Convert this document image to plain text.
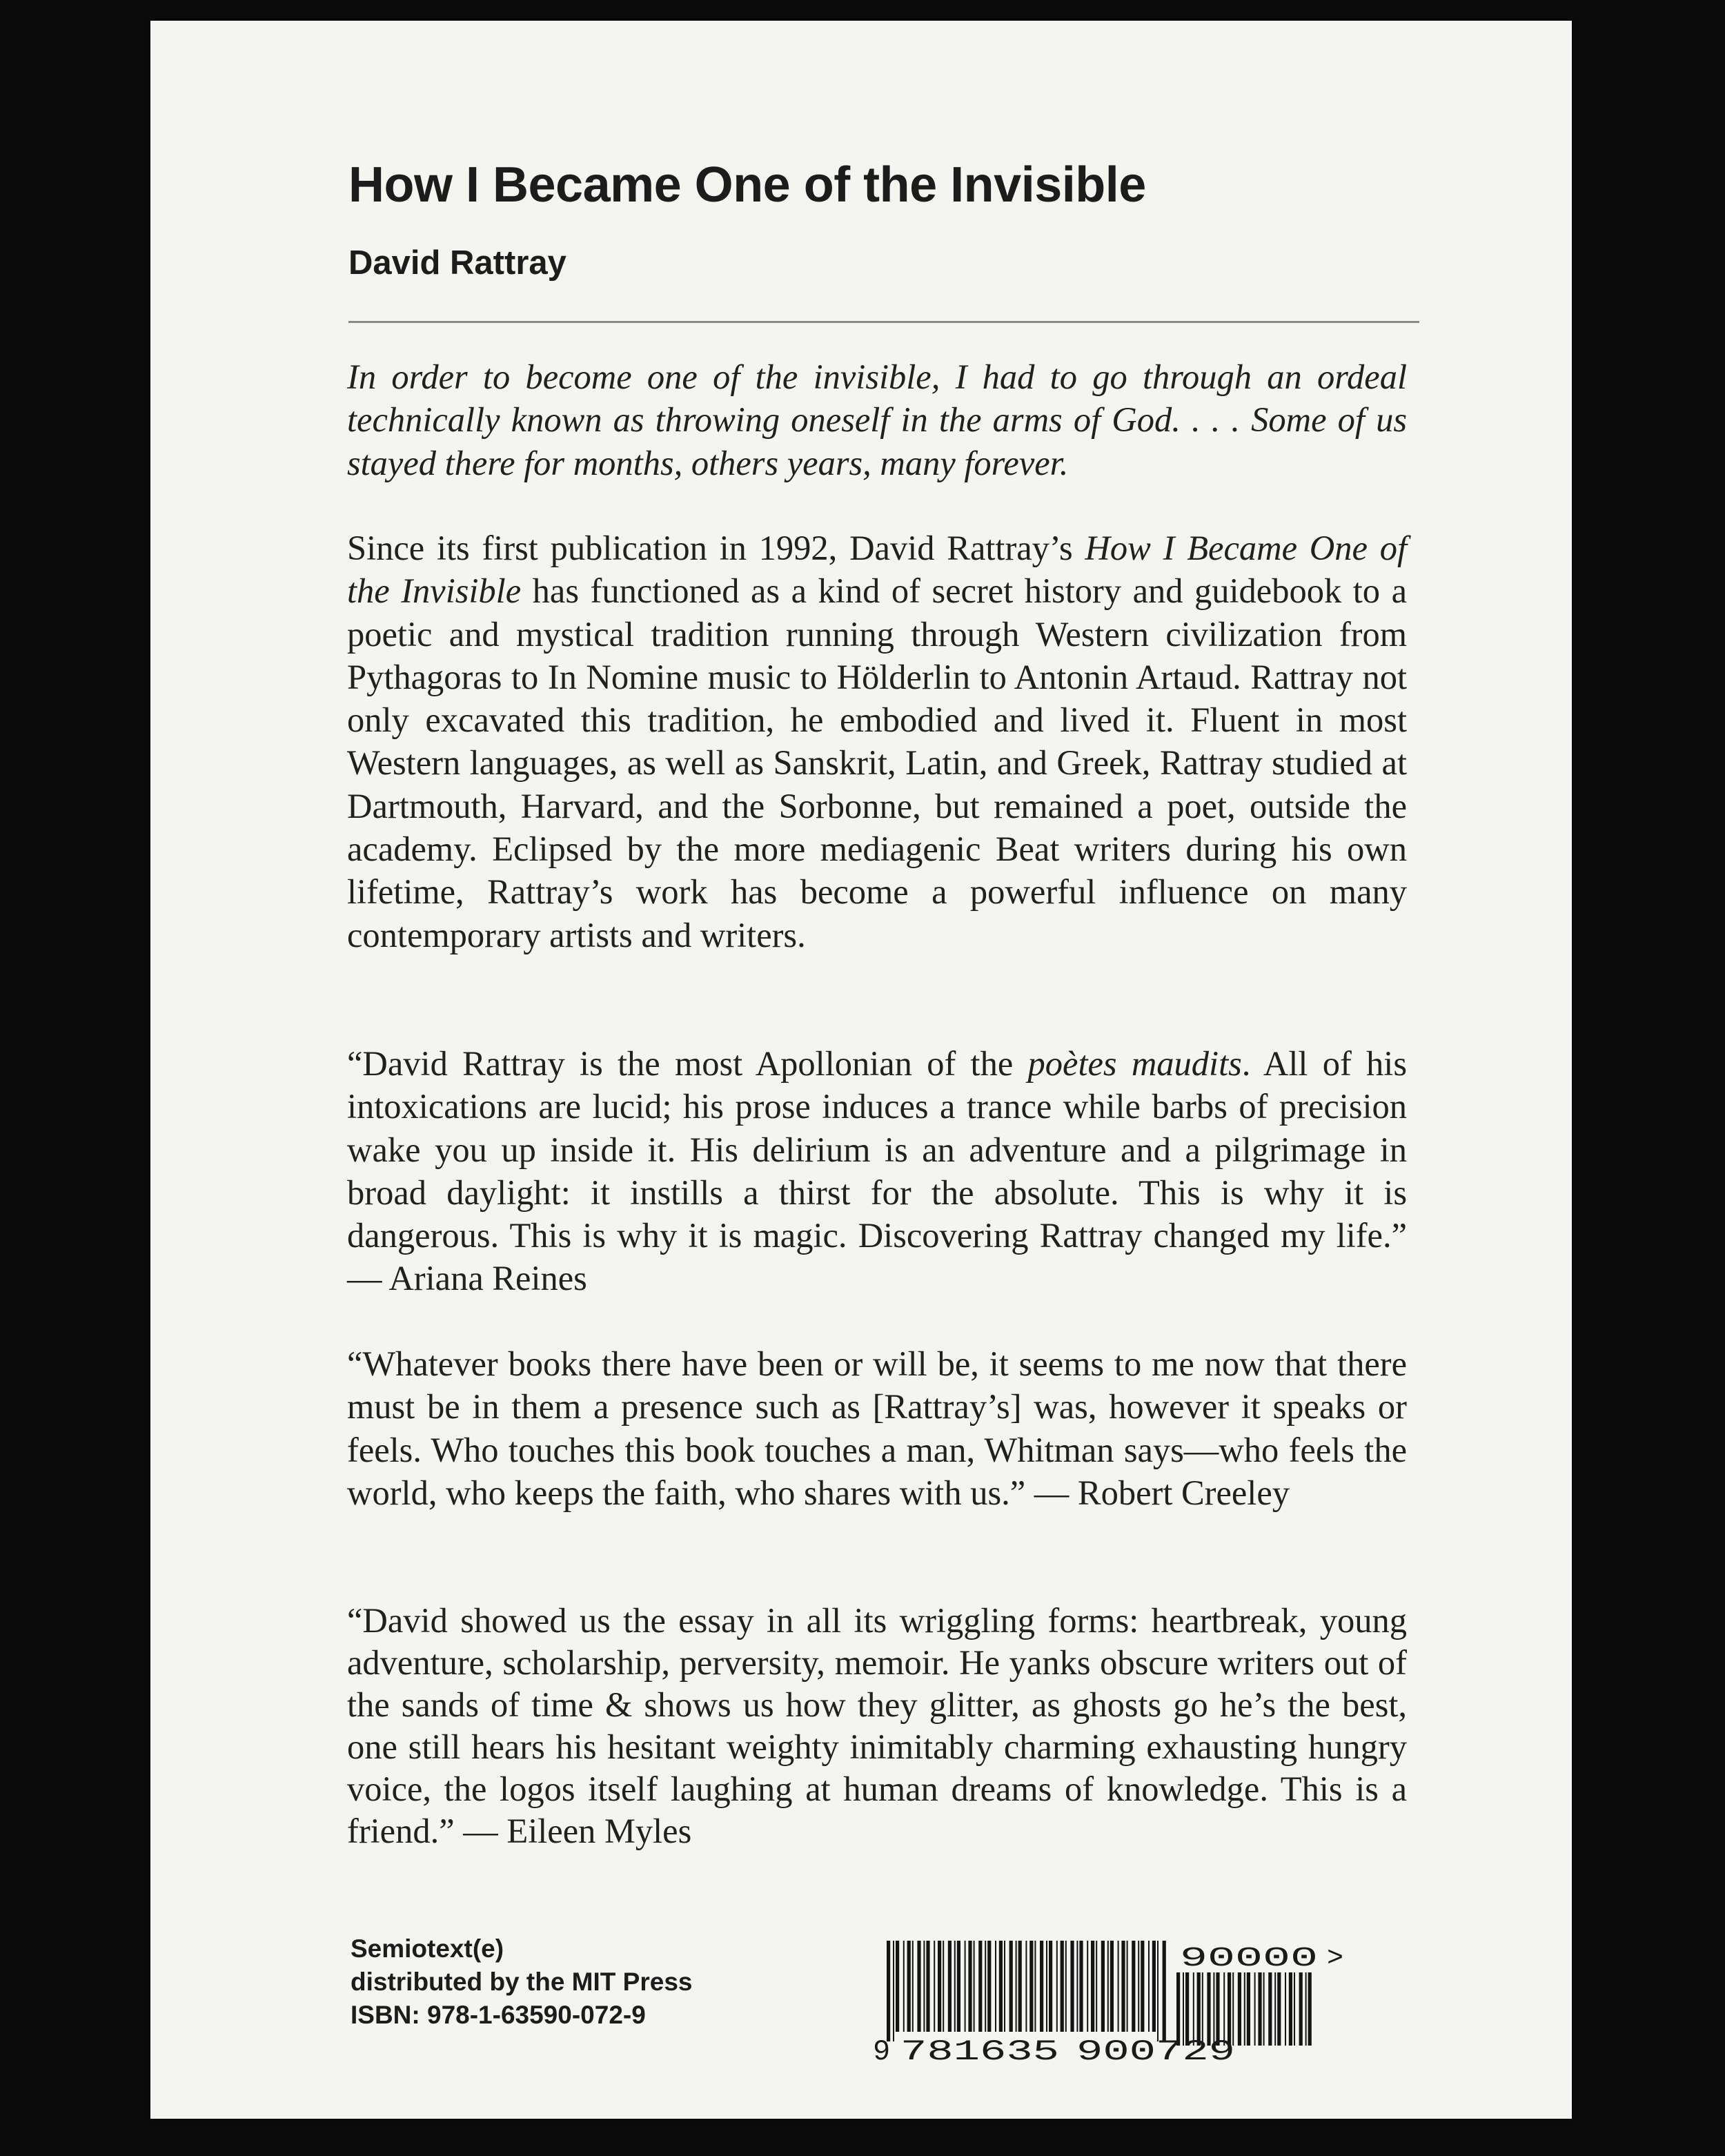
How I Became One of the Invisible
David Rattray

In order to become one of the invisible, I had to go through an ordeal technically known as throwing oneself in the arms of God. . . . Some of us stayed there for months, others years, many forever.

Since its first publication in 1992, David Rattray’s How I Became One of the Invisible has functioned as a kind of secret history and guidebook to a poetic and mystical tradition running through Western civilization from Pythagoras to In Nomine music to Hölderlin to Antonin Artaud. Rattray not only excavated this tradition, he embodied and lived it. Fluent in most Western languages, as well as Sanskrit, Latin, and Greek, Rattray studied at Dartmouth, Harvard, and the Sorbonne, but remained a poet, outside the academy. Eclipsed by the more mediagenic Beat writers during his own lifetime, Rattray’s work has become a powerful influence on many contemporary artists and writers.

“David Rattray is the most Apollonian of the poètes maudits. All of his intoxications are lucid; his prose induces a trance while barbs of precision wake you up inside it. His delirium is an adventure and a pilgrimage in broad daylight: it instills a thirst for the absolute. This is why it is dangerous. This is why it is magic. Discovering Rattray changed my life.” — Ariana Reines

“Whatever books there have been or will be, it seems to me now that there must be in them a presence such as [Rattray’s] was, however it speaks or feels. Who touches this book touches a man, Whitman says—who feels the world, who keeps the faith, who shares with us.” — Robert Creeley

“David showed us the essay in all its wriggling forms: heartbreak, young adventure, scholarship, perversity, memoir. He yanks obscure writers out of the sands of time & shows us how they glitter, as ghosts go he’s the best, one still hears his hesitant weighty inimitably charming exhausting hungry voice, the logos itself laughing at human dreams of knowledge. This is a friend.” — Eileen Myles

Semiotext(e)
distributed by the MIT Press
ISBN: 978-1-63590-072-9
9 781635 900729
90000 >
